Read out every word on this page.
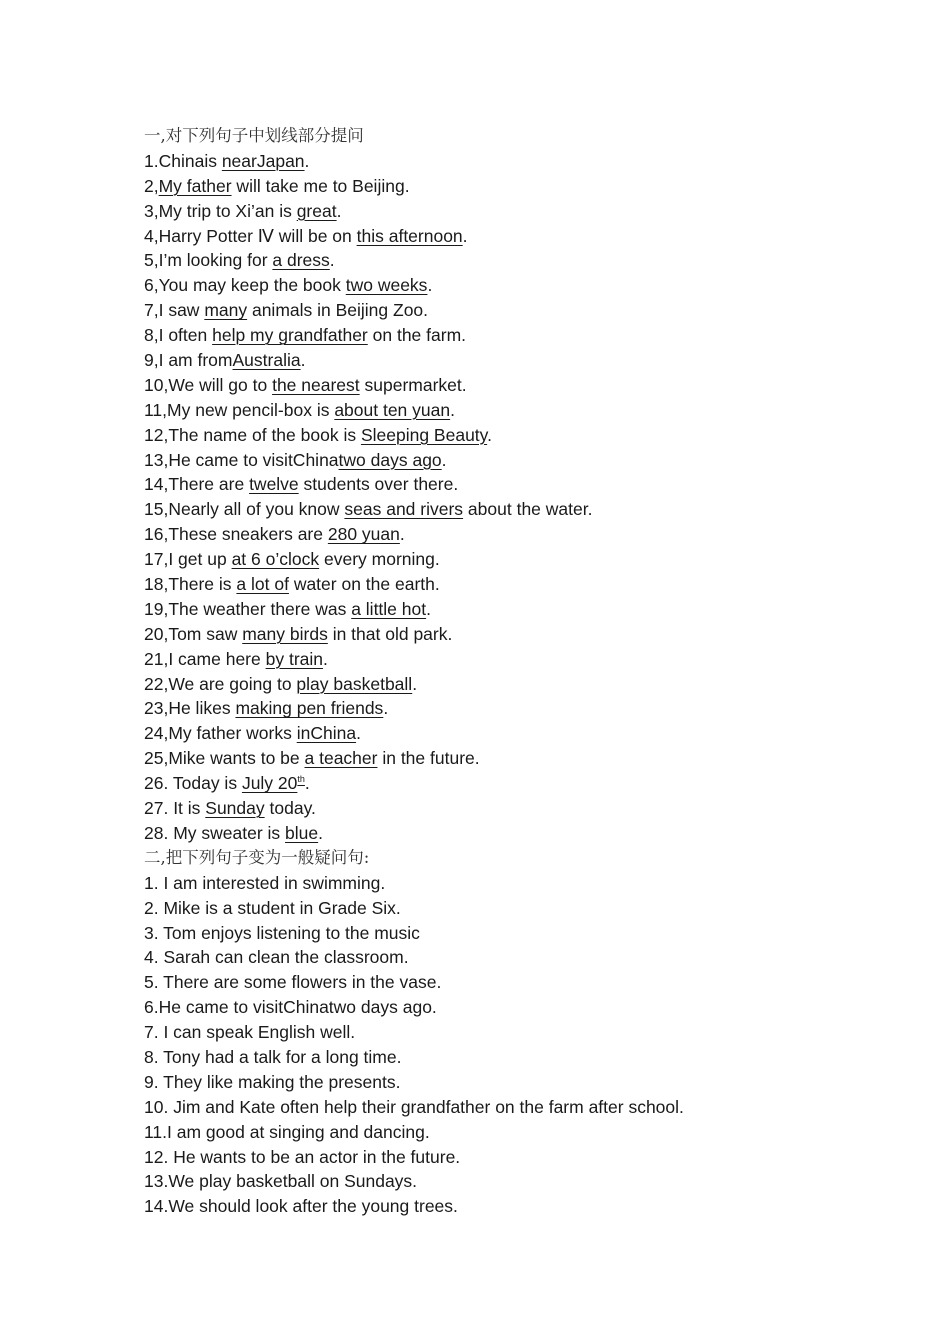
一,对下列句子中划线部分提问
1.Chinais nearJapan.
2,My father will take me to Beijing.
3,My trip to Xi’an is great.
4,Harry Potter Ⅳ will be on this afternoon.
5,I’m looking for a dress.
6,You may keep the book two weeks.
7,I saw many animals in Beijing Zoo.
8,I often help my grandfather on the farm.
9,I am fromAustralia.
10,We will go to the nearest supermarket.
11,My new pencil-box is about ten yuan.
12,The name of the book is Sleeping Beauty.
13,He came to visitChinatwo days ago.
14,There are twelve students over there.
15,Nearly all of you know seas and rivers about the water.
16,These sneakers are 280 yuan.
17,I get up at 6 o’clock every morning.
18,There is a lot of water on the earth.
19,The weather there was a little hot.
20,Tom saw many birds in that old park.
21,I came here by train.
22,We are going to play basketball.
23,He likes making pen friends.
24,My father works inChina.
25,Mike wants to be a teacher in the future.
26. Today is July 20th.
27. It is Sunday today.
28. My sweater is blue.
二,把下列句子变为一般疑问句:
1. I am interested in swimming.
2. Mike is a student in Grade Six.
3. Tom enjoys listening to the music
4. Sarah can clean the classroom.
5. There are some flowers in the vase.
6.He came to visitChinatwo days ago.
7. I can speak English well.
8. Tony had a talk for a long time.
9. They like making the presents.
10. Jim and Kate often help their grandfather on the farm after school.
11.I am good at singing and dancing.
12. He wants to be an actor in the future.
13.We play basketball on Sundays.
14.We should look after the young trees.
